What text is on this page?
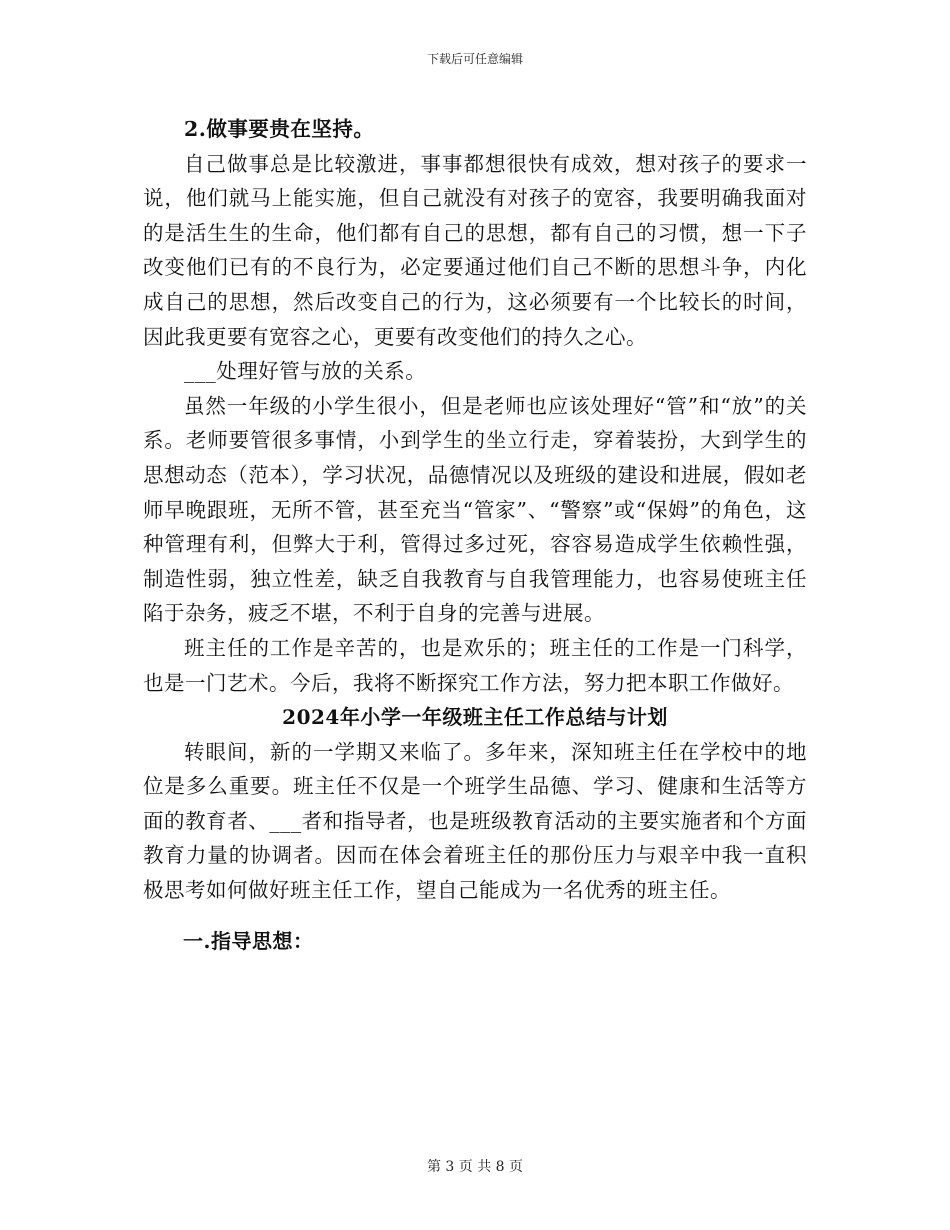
下载后可任意编辑

2.做事要贵在坚持。

自己做事总是比较激进，事事都想很快有成效，想对孩子的要求一说，他们就马上能实施，但自己就没有对孩子的宽容，我要明确我面对的是活生生的生命，他们都有自己的思想，都有自己的习惯，想一下子改变他们已有的不良行为，必定要通过他们自己不断的思想斗争，内化成自己的思想，然后改变自己的行为，这必须要有一个比较长的时间，因此我更要有宽容之心，更要有改变他们的持久之心。

___处理好管与放的关系。

虽然一年级的小学生很小，但是老师也应该处理好“管”和“放”的关系。老师要管很多事情，小到学生的坐立行走，穿着装扮，大到学生的思想动态（范本），学习状况，品德情况以及班级的建设和进展，假如老师早晚跟班，无所不管，甚至充当“管家”、“警察”或“保姆”的角色，这种管理有利，但弊大于利，管得过多过死，容容易造成学生依赖性强，制造性弱，独立性差，缺乏自我教育与自我管理能力，也容易使班主任陷于杂务，疲乏不堪，不利于自身的完善与进展。

班主任的工作是辛苦的，也是欢乐的；班主任的工作是一门科学，也是一门艺术。今后，我将不断探究工作方法，努力把本职工作做好。

2024年小学一年级班主任工作总结与计划

转眼间，新的一学期又来临了。多年来，深知班主任在学校中的地位是多么重要。班主任不仅是一个班学生品德、学习、健康和生活等方面的教育者、___者和指导者，也是班级教育活动的主要实施者和个方面教育力量的协调者。因而在体会着班主任的那份压力与艰辛中我一直积极思考如何做好班主任工作，望自己能成为一名优秀的班主任。

一.指导思想：

第 3 页 共 8 页
